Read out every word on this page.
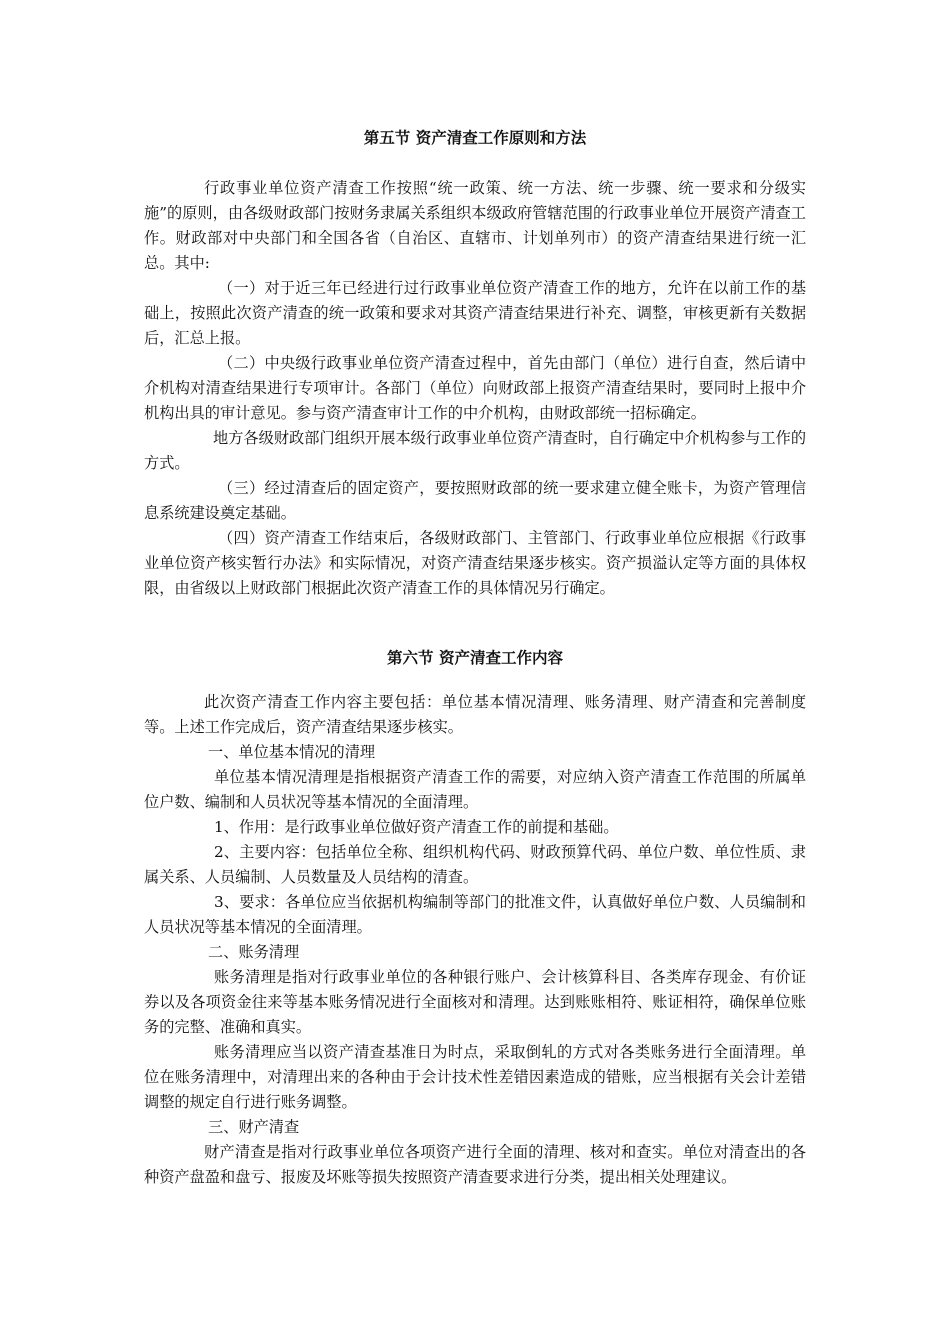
第五节 资产清查工作原则和方法

行政事业单位资产清查工作按照“统一政策、统一方法、统一步骤、统一要求和分级实施”的原则，由各级财政部门按财务隶属关系组织本级政府管辖范围的行政事业单位开展资产清查工作。财政部对中央部门和全国各省（自治区、直辖市、计划单列市）的资产清查结果进行统一汇总。其中:

（一）对于近三年已经进行过行政事业单位资产清查工作的地方，允许在以前工作的基础上，按照此次资产清查的统一政策和要求对其资产清查结果进行补充、调整，审核更新有关数据后，汇总上报。

（二）中央级行政事业单位资产清查过程中，首先由部门（单位）进行自查，然后请中介机构对清查结果进行专项审计。各部门（单位）向财政部上报资产清查结果时，要同时上报中介机构出具的审计意见。参与资产清查审计工作的中介机构，由财政部统一招标确定。

地方各级财政部门组织开展本级行政事业单位资产清查时，自行确定中介机构参与工作的方式。

（三）经过清查后的固定资产，要按照财政部的统一要求建立健全账卡，为资产管理信息系统建设奠定基础。

（四）资产清查工作结束后，各级财政部门、主管部门、行政事业单位应根据《行政事业单位资产核实暂行办法》和实际情况，对资产清查结果逐步核实。资产损溢认定等方面的具体权限，由省级以上财政部门根据此次资产清查工作的具体情况另行确定。

第六节 资产清查工作内容

此次资产清查工作内容主要包括：单位基本情况清理、账务清理、财产清查和完善制度等。上述工作完成后，资产清查结果逐步核实。

一、单位基本情况的清理

单位基本情况清理是指根据资产清查工作的需要，对应纳入资产清查工作范围的所属单位户数、编制和人员状况等基本情况的全面清理。

1、作用：是行政事业单位做好资产清查工作的前提和基础。

2、主要内容：包括单位全称、组织机构代码、财政预算代码、单位户数、单位性质、隶属关系、人员编制、人员数量及人员结构的清查。

3、要求：各单位应当依据机构编制等部门的批准文件，认真做好单位户数、人员编制和人员状况等基本情况的全面清理。

二、账务清理

账务清理是指对行政事业单位的各种银行账户、会计核算科目、各类库存现金、有价证券以及各项资金往来等基本账务情况进行全面核对和清理。达到账账相符、账证相符，确保单位账务的完整、准确和真实。

账务清理应当以资产清查基准日为时点，采取倒轧的方式对各类账务进行全面清理。单位在账务清理中，对清理出来的各种由于会计技术性差错因素造成的错账，应当根据有关会计差错调整的规定自行进行账务调整。

三、财产清查

财产清查是指对行政事业单位各项资产进行全面的清理、核对和查实。单位对清查出的各种资产盘盈和盘亏、报废及坏账等损失按照资产清查要求进行分类，提出相关处理建议。
